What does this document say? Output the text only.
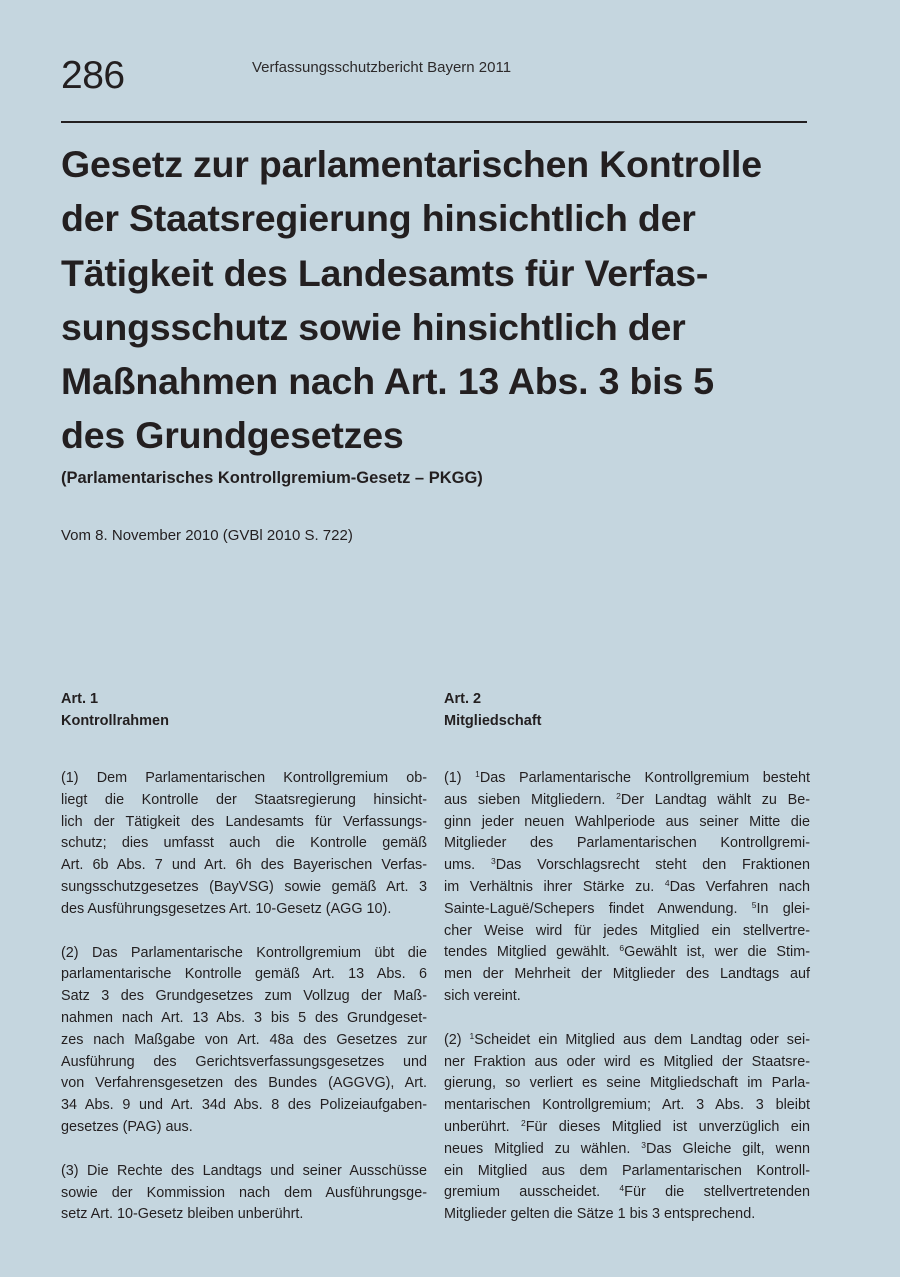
286	Verfassungsschutzbericht Bayern 2011
Gesetz zur parlamentarischen Kontrolle
der Staatsregierung hinsichtlich der
Tätigkeit des Landesamts für Verfas-
sungsschutz sowie hinsichtlich der
Maßnahmen nach Art. 13 Abs. 3 bis 5
des Grundgesetzes
(Parlamentarisches Kontrollgremium-Gesetz – PKGG)
Vom 8. November 2010 (GVBl 2010 S. 722)
Art. 1
Kontrollrahmen

(1) Dem Parlamentarischen Kontrollgremium ob-
liegt die Kontrolle der Staatsregierung hinsicht-
lich der Tätigkeit des Landesamts für Verfassungs-
schutz; dies umfasst auch die Kontrolle gemäß
Art. 6b Abs. 7 und Art. 6h des Bayerischen Verfas-
sungsschutzgesetzes (BayVSG) sowie gemäß Art. 3
des Ausführungsgesetzes Art. 10-Gesetz (AGG 10).

(2) Das Parlamentarische Kontrollgremium übt die
parlamentarische Kontrolle gemäß Art. 13 Abs. 6
Satz 3 des Grundgesetzes zum Vollzug der Maß-
nahmen nach Art. 13 Abs. 3 bis 5 des Grundgeset-
zes nach Maßgabe von Art. 48a des Gesetzes zur
Ausführung des Gerichtsverfassungsgesetzes und
von Verfahrensgesetzen des Bundes (AGGVG), Art.
34 Abs. 9 und Art. 34d Abs. 8 des Polizeiaufgaben-
gesetzes (PAG) aus.

(3) Die Rechte des Landtags und seiner Ausschüsse
sowie der Kommission nach dem Ausführungsge-
setz Art. 10-Gesetz bleiben unberührt.

Art. 2
Mitgliedschaft

(1) $^1$Das Parlamentarische Kontrollgremium besteht
aus sieben Mitgliedern. $^2$Der Landtag wählt zu Be-
ginn jeder neuen Wahlperiode aus seiner Mitte die
Mitglieder des Parlamentarischen Kontrollgremi-
ums. $^3$Das Vorschlagsrecht steht den Fraktionen
im Verhältnis ihrer Stärke zu. $^4$Das Verfahren nach
Sainte-Laguë/Schepers findet Anwendung. $^5$In glei-
cher Weise wird für jedes Mitglied ein stellvertre-
tendes Mitglied gewählt. $^6$Gewählt ist, wer die Stim-
men der Mehrheit der Mitglieder des Landtags auf
sich vereint.

(2) $^1$Scheidet ein Mitglied aus dem Landtag oder sei-
ner Fraktion aus oder wird es Mitglied der Staatsre-
gierung, so verliert es seine Mitgliedschaft im Parla-
mentarischen Kontrollgremium; Art. 3 Abs. 3 bleibt
unberührt. $^2$Für dieses Mitglied ist unverzüglich ein
neues Mitglied zu wählen. $^3$Das Gleiche gilt, wenn
ein Mitglied aus dem Parlamentarischen Kontroll-
gremium ausscheidet. $^4$Für die stellvertretenden
Mitglieder gelten die Sätze 1 bis 3 entsprechend.
